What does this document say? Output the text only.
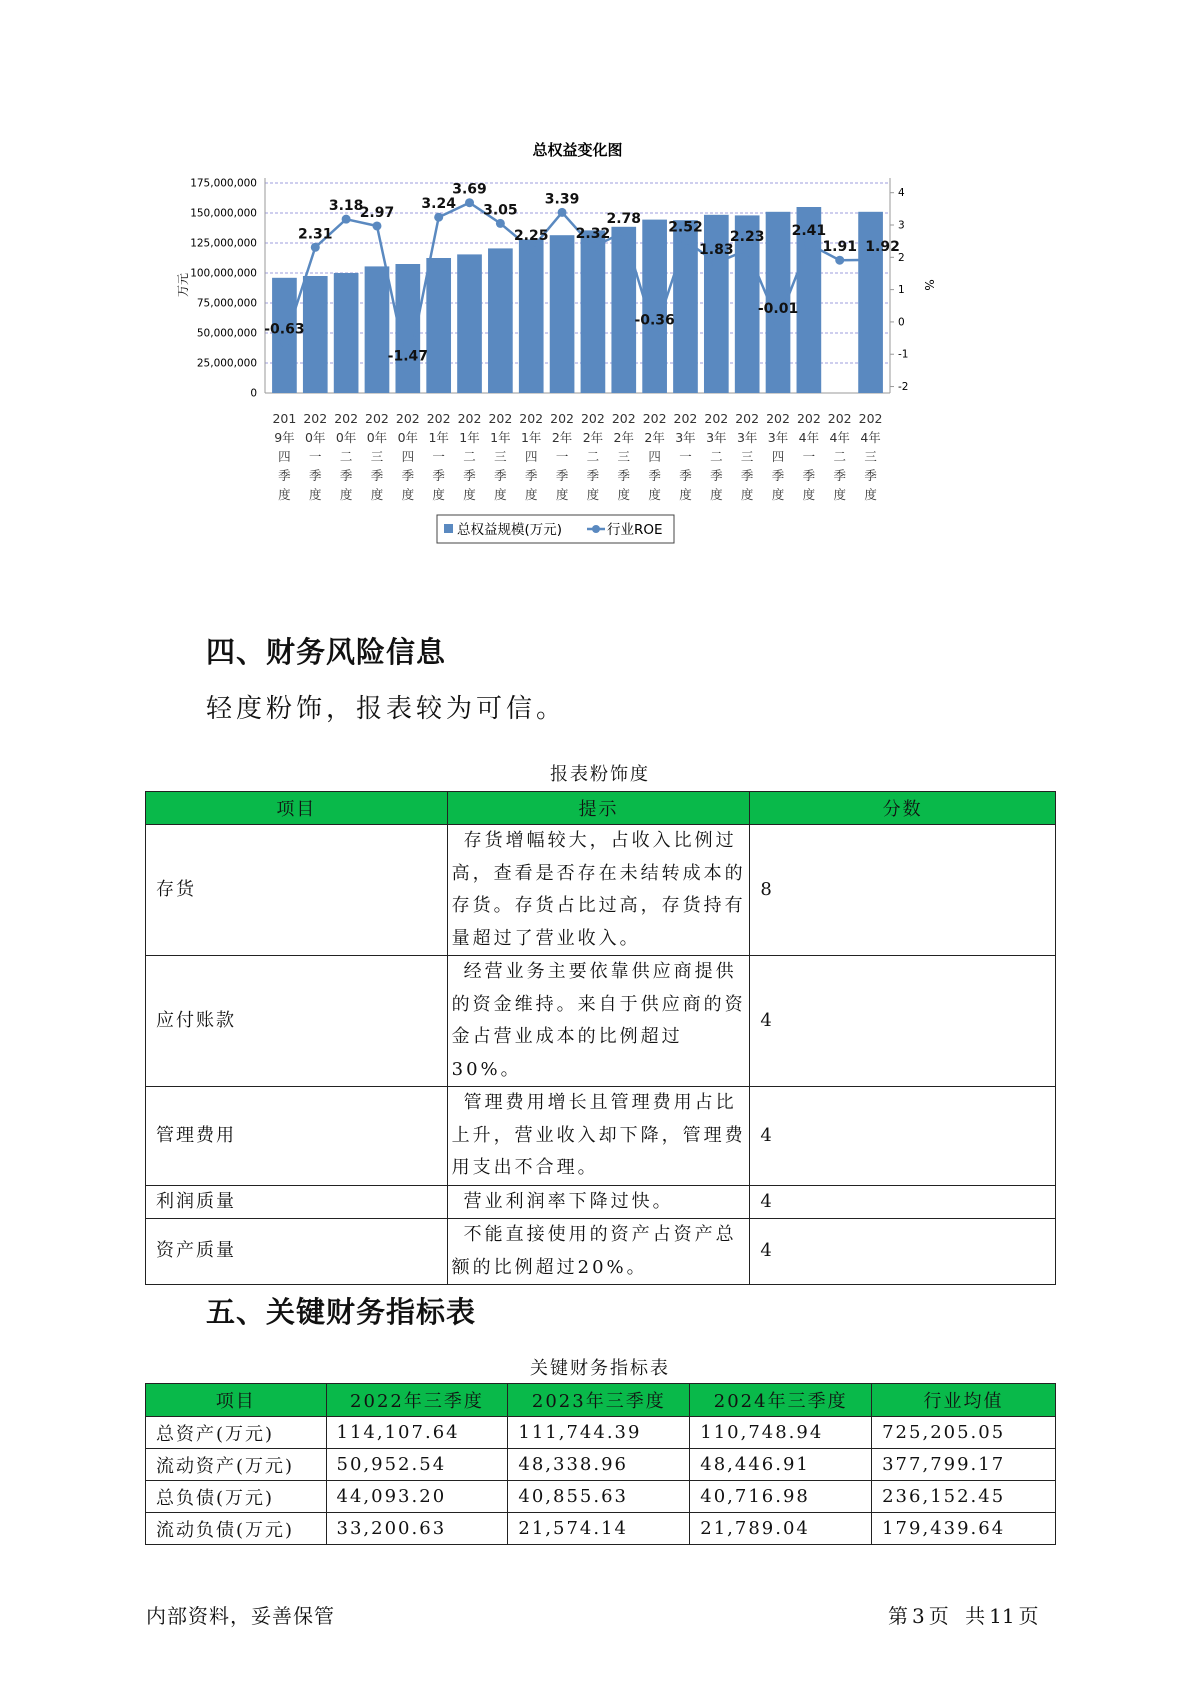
总权益变化图
万元	%
0
25,000,000
50,000,000
75,000,000
100,000,000
125,000,000
150,000,000
175,000,000
-2
-1
0
1
2
3
4
201
9年
四
季
度
202
0年
一
季
度
202
0年
二
季
度
202
0年
三
季
度
202
0年
四
季
度
202
1年
一
季
度
202
1年
二
季
度
202
1年
三
季
度
202
1年
四
季
度
202
2年
一
季
度
202
2年
二
季
度
202
2年
三
季
度
202
2年
四
季
度
202
3年
一
季
度
202
3年
二
季
度
202
3年
三
季
度
202
3年
四
季
度
202
4年
一
季
度
202
4年
二
季
度
202
4年
三
季
度
-0.63
2.31
3.18
2.97
-1.47
3.24
3.69
3.05
2.25
3.39
2.32
2.78
-0.36
2.52
1.83
2.23
-0.01
2.41
1.91 1.92
总权益规模(万元)	行业ROE
四、财务风险信息

轻度粉饰，报表较为可信。

报表粉饰度
项目	提示	分数
存货	存货增幅较大，占收入比例过高，查看是否存在未结转成本的存货。存货占比过高，存货持有量超过了营业收入。	8
应付账款	经营业务主要依靠供应商提供的资金维持。来自于供应商的资金占营业成本的比例超过30%。	4
管理费用	管理费用增长且管理费用占比上升，营业收入却下降，管理费用支出不合理。	4
利润质量	营业利润率下降过快。	4
资产质量	不能直接使用的资产占资产总额的比例超过20%。	4
五、关键财务指标表
关键财务指标表
项目	2022年三季度	2023年三季度	2024年三季度	行业均值
总资产(万元)	114,107.64	111,744.39	110,748.94	725,205.05
流动资产(万元)	50,952.54	48,338.96	48,446.91	377,799.17
总负债(万元)	44,093.20	40,855.63	40,716.98	236,152.45
流动负债(万元)	33,200.63	21,574.14	21,789.04	179,439.64
内部资料，妥善保管	第 3 页 共 11 页
